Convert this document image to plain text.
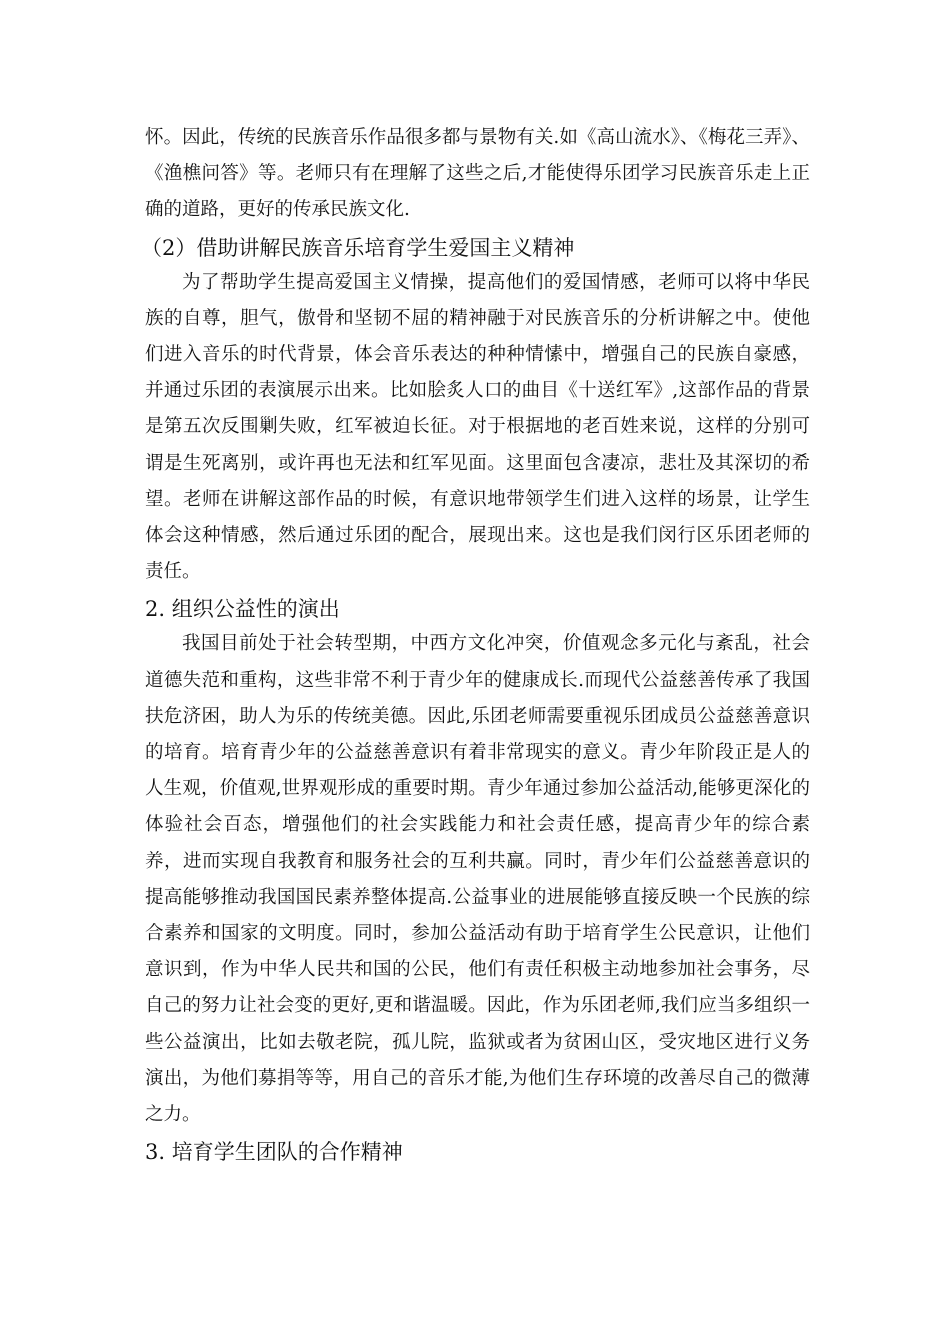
怀。因此，传统的民族音乐作品很多都与景物有关.如《高山流水》、《梅花三弄》、《渔樵问答》等。老师只有在理解了这些之后,才能使得乐团学习民族音乐走上正确的道路，更好的传承民族文化.

（2）借助讲解民族音乐培育学生爱国主义精神

为了帮助学生提高爱国主义情操，提高他们的爱国情感，老师可以将中华民族的自尊，胆气，傲骨和坚韧不屈的精神融于对民族音乐的分析讲解之中。使他们进入音乐的时代背景，体会音乐表达的种种情愫中，增强自己的民族自豪感，并通过乐团的表演展示出来。比如脍炙人口的曲目《十送红军》,这部作品的背景是第五次反围剿失败，红军被迫长征。对于根据地的老百姓来说，这样的分别可谓是生死离别，或许再也无法和红军见面。这里面包含凄凉，悲壮及其深切的希望。老师在讲解这部作品的时候，有意识地带领学生们进入这样的场景，让学生体会这种情感，然后通过乐团的配合，展现出来。这也是我们闵行区乐团老师的责任。

2. 组织公益性的演出

我国目前处于社会转型期，中西方文化冲突，价值观念多元化与紊乱，社会道德失范和重构，这些非常不利于青少年的健康成长.而现代公益慈善传承了我国扶危济困，助人为乐的传统美德。因此,乐团老师需要重视乐团成员公益慈善意识的培育。培育青少年的公益慈善意识有着非常现实的意义。青少年阶段正是人的人生观，价值观,世界观形成的重要时期。青少年通过参加公益活动,能够更深化的体验社会百态，增强他们的社会实践能力和社会责任感，提高青少年的综合素养，进而实现自我教育和服务社会的互利共赢。同时，青少年们公益慈善意识的提高能够推动我国国民素养整体提高.公益事业的进展能够直接反映一个民族的综合素养和国家的文明度。同时，参加公益活动有助于培育学生公民意识，让他们意识到，作为中华人民共和国的公民，他们有责任积极主动地参加社会事务，尽自己的努力让社会变的更好,更和谐温暖。因此，作为乐团老师,我们应当多组织一些公益演出，比如去敬老院，孤儿院，监狱或者为贫困山区，受灾地区进行义务演出，为他们募捐等等，用自己的音乐才能,为他们生存环境的改善尽自己的微薄之力。

3. 培育学生团队的合作精神
